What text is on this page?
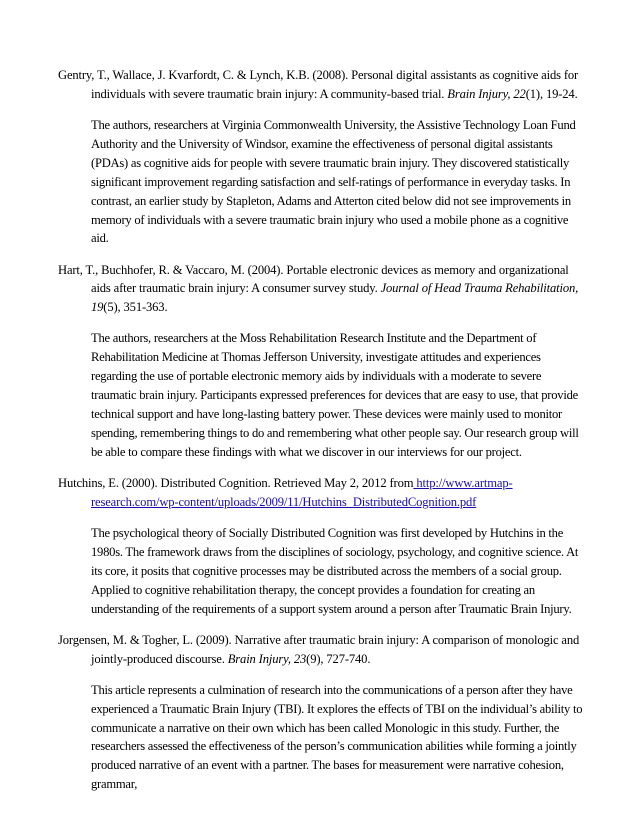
Gentry, T., Wallace, J. Kvarfordt, C. & Lynch, K.B. (2008). Personal digital assistants as cognitive aids for individuals with severe traumatic brain injury: A community-based trial. Brain Injury, 22(1), 19-24.

The authors, researchers at Virginia Commonwealth University, the Assistive Technology Loan Fund Authority and the University of Windsor, examine the effectiveness of personal digital assistants (PDAs) as cognitive aids for people with severe traumatic brain injury. They discovered statistically significant improvement regarding satisfaction and self-ratings of performance in everyday tasks. In contrast, an earlier study by Stapleton, Adams and Atterton cited below did not see improvements in memory of individuals with a severe traumatic brain injury who used a mobile phone as a cognitive aid.

Hart, T., Buchhofer, R. & Vaccaro, M. (2004). Portable electronic devices as memory and organizational aids after traumatic brain injury: A consumer survey study. Journal of Head Trauma Rehabilitation, 19(5), 351-363.

The authors, researchers at the Moss Rehabilitation Research Institute and the Department of Rehabilitation Medicine at Thomas Jefferson University, investigate attitudes and experiences regarding the use of portable electronic memory aids by individuals with a moderate to severe traumatic brain injury. Participants expressed preferences for devices that are easy to use, that provide technical support and have long-lasting battery power. These devices were mainly used to monitor spending, remembering things to do and remembering what other people say. Our research group will be able to compare these findings with what we discover in our interviews for our project.

Hutchins, E. (2000). Distributed Cognition. Retrieved May 2, 2012 from http://www.artmap-research.com/wp-content/uploads/2009/11/Hutchins_DistributedCognition.pdf

The psychological theory of Socially Distributed Cognition was first developed by Hutchins in the 1980s. The framework draws from the disciplines of sociology, psychology, and cognitive science. At its core, it posits that cognitive processes may be distributed across the members of a social group. Applied to cognitive rehabilitation therapy, the concept provides a foundation for creating an understanding of the requirements of a support system around a person after Traumatic Brain Injury.

Jorgensen, M. & Togher, L. (2009). Narrative after traumatic brain injury: A comparison of monologic and jointly-produced discourse. Brain Injury, 23(9), 727-740.

This article represents a culmination of research into the communications of a person after they have experienced a Traumatic Brain Injury (TBI). It explores the effects of TBI on the individual’s ability to communicate a narrative on their own which has been called Monologic in this study. Further, the researchers assessed the effectiveness of the person’s communication abilities while forming a jointly produced narrative of an event with a partner. The bases for measurement were narrative cohesion, grammar,
